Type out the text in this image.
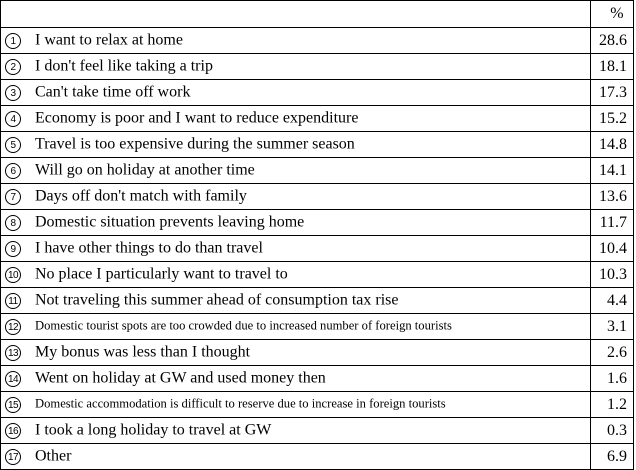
	%
1 I want to relax at home	28.6
2 I don't feel like taking a trip	18.1
3 Can't take time off work	17.3
4 Economy is poor and I want to reduce expenditure	15.2
5 Travel is too expensive during the summer season	14.8
6 Will go on holiday at another time	14.1
7 Days off don't match with family	13.6
8 Domestic situation prevents leaving home	11.7
9 I have other things to do than travel	10.4
10 No place I particularly want to travel to	10.3
11 Not traveling this summer ahead of consumption tax rise	4.4
12 Domestic tourist spots are too crowded due to increased number of foreign tourists	3.1
13 My bonus was less than I thought	2.6
14 Went on holiday at GW and used money then	1.6
15 Domestic accommodation is difficult to reserve due to increase in foreign tourists	1.2
16 I took a long holiday to travel at GW	0.3
17 Other	6.9
